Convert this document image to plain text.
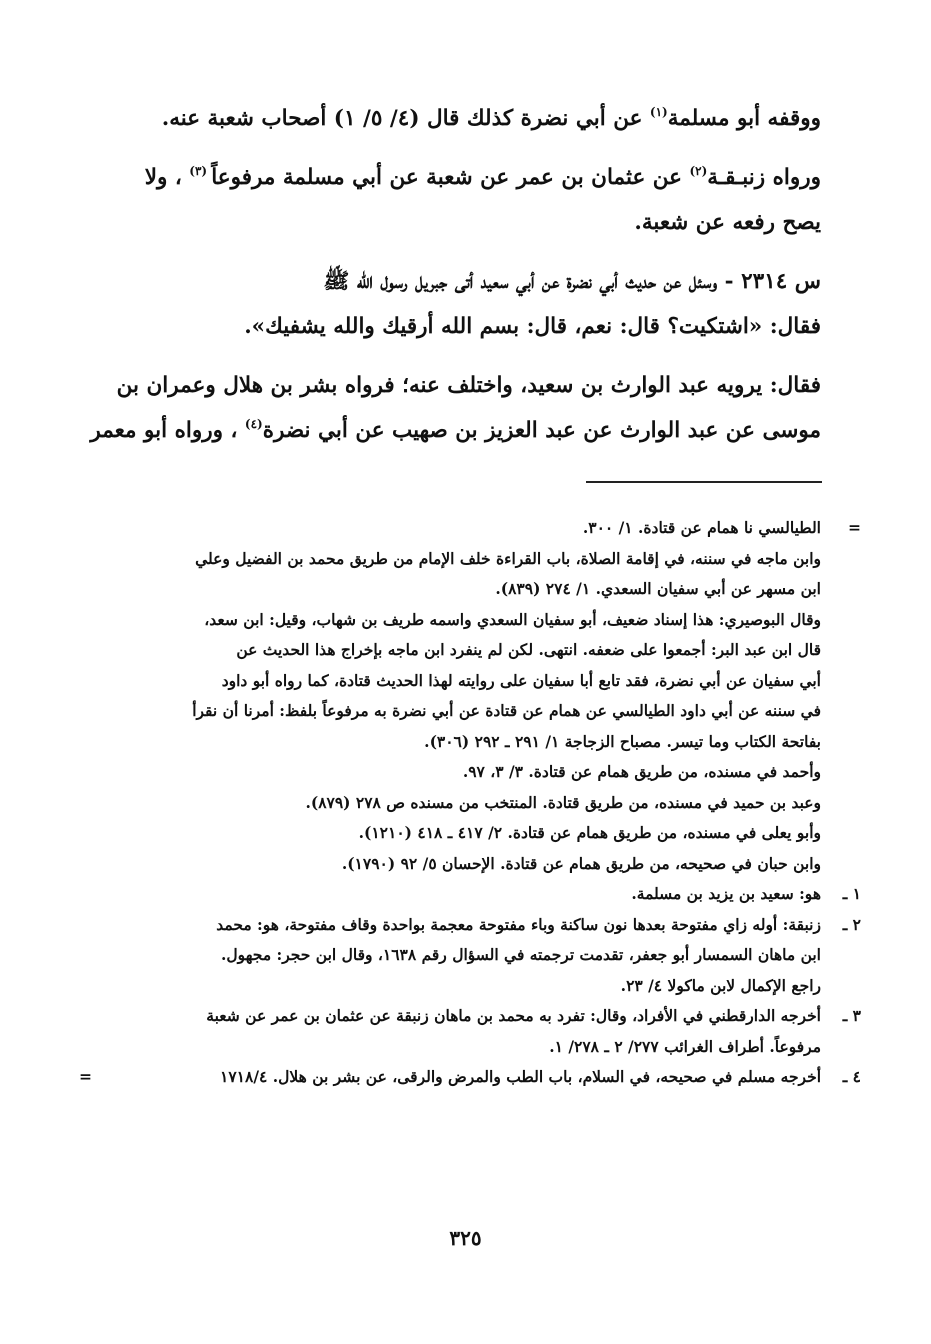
ووقفه أبو مسلمة$^{(١)}$ عن أبي نضرة كذلك قال (٤/ ٥/ ١) أصحاب شعبة عنه.
ورواه زنبـقـة$^{(٢)}$ عن عثمان بن عمر عن شعبة عن أبي مسلمة مرفوعاً $^{(٣)}$ ، ولا
يصح رفعه عن شعبة.
س ٢٣١٤ - وسئل عن حديث أبي نضرة عن أبي سعيد أتى جبريل رسول الله ﷺ
فقال: «اشتكيت؟ قال: نعم، قال: بسم الله أرقيك والله يشفيك».
فقال: يرويه عبد الوارث بن سعيد، واختلف عنه؛ فرواه بشر بن هلال وعمران بن
موسى عن عبد الوارث عن عبد العزيز بن صهيب عن أبي نضرة$^{(٤)}$ ، ورواه أبو معمر
=
الطيالسي نا همام عن قتادة. ١/ ٣٠٠.
وابن ماجه في سننه، في إقامة الصلاة، باب القراءة خلف الإمام من طريق محمد بن الفضيل وعلي
ابن مسهر عن أبي سفيان السعدي. ١/ ٢٧٤ (٨٣٩).
وقال البوصيري: هذا إسناد ضعيف، أبو سفيان السعدي واسمه طريف بن شهاب، وقيل: ابن سعد،
قال ابن عبد البر: أجمعوا على ضعفه. انتهى. لكن لم ينفرد ابن ماجه بإخراج هذا الحديث عن
أبي سفيان عن أبي نضرة، فقد تابع أبا سفيان على روايته لهذا الحديث قتادة، كما رواه أبو داود
في سننه عن أبي داود الطيالسي عن همام عن قتادة عن أبي نضرة به مرفوعاً بلفظ: أمرنا أن نقرأ
بفاتحة الكتاب وما تيسر. مصباح الزجاجة ١/ ٢٩١ ـ ٢٩٢ (٣٠٦).
وأحمد في مسنده، من طريق همام عن قتادة. ٣/ ٣، ٩٧.
وعبد بن حميد في مسنده، من طريق قتادة. المنتخب من مسنده ص ٢٧٨ (٨٧٩).
وأبو يعلى في مسنده، من طريق همام عن قتادة. ٢/ ٤١٧ ـ ٤١٨ (١٢١٠).
وابن حبان في صحيحه، من طريق همام عن قتادة. الإحسان ٥/ ٩٢ (١٧٩٠).
١ ـ
هو: سعيد بن يزيد بن مسلمة.
٢ ـ
زنبقة: أوله زاي مفتوحة بعدها نون ساكنة وباء مفتوحة معجمة بواحدة وقاف مفتوحة، هو: محمد
ابن ماهان السمسار أبو جعفر، تقدمت ترجمته في السؤال رقم ١٦٣٨، وقال ابن حجر: مجهول.
راجع الإكمال لابن ماكولا ٤/ ٢٣.
٣ ـ
أخرجه الدارقطني في الأفراد، وقال: تفرد به محمد بن ماهان زنبقة عن عثمان بن عمر عن شعبة
مرفوعاً. أطراف الغرائب ٢٧٧/ ٢ ـ ٢٧٨/ ١.
٤ ـ
أخرجه مسلم في صحيحه، في السلام، باب الطب والمرض والرقى، عن بشر بن هلال. ١٧١٨/٤
=
٣٢٥
